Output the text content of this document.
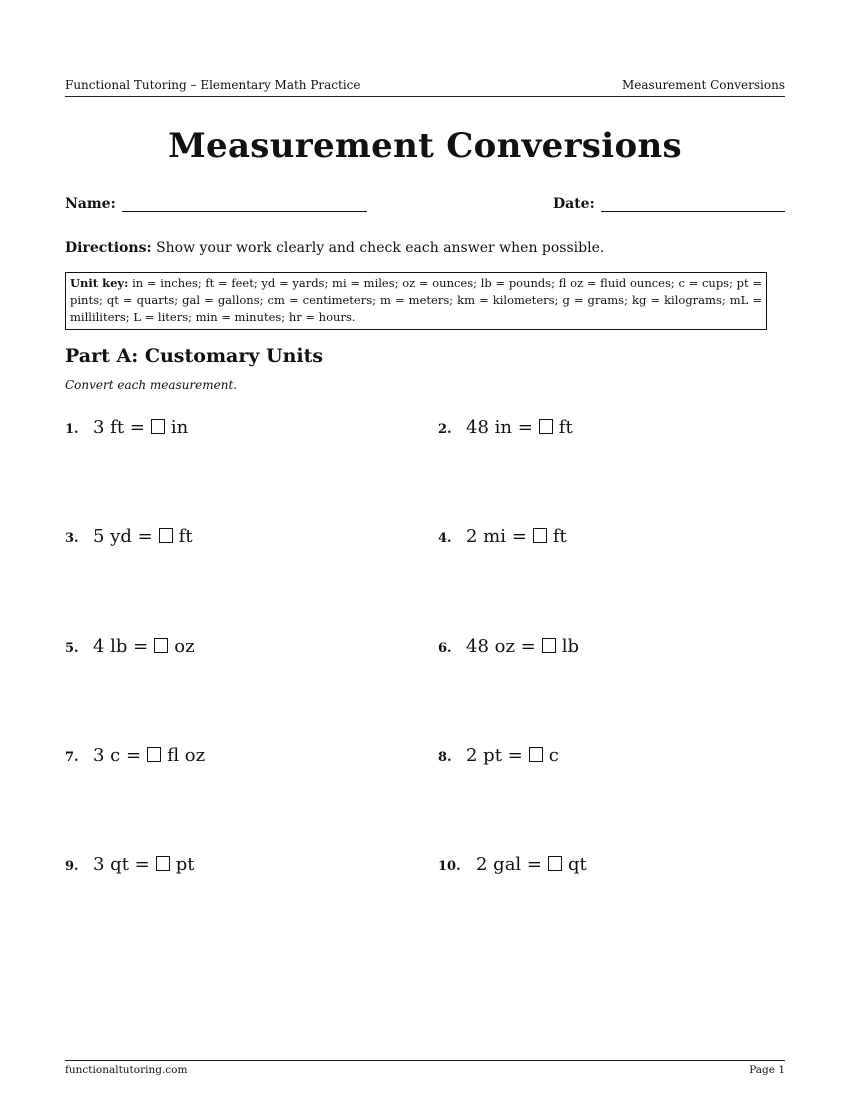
Functional Tutoring – Elementary Math Practice	Measurement Conversions
Measurement Conversions
Name:	Date:
Directions: Show your work clearly and check each answer when possible.
Unit key: in = inches; ft = feet; yd = yards; mi = miles; oz = ounces; lb = pounds; fl oz = fluid ounces; c = cups; pt = pints; qt = quarts; gal = gallons; cm = centimeters; m = meters; km = kilometers; g = grams; kg = kilograms; mL = milliliters; L = liters; min = minutes; hr = hours.
Part A: Customary Units
Convert each measurement.
1. 3 ft = in	2. 48 in = ft
3. 5 yd = ft	4. 2 mi = ft
5. 4 lb = oz	6. 48 oz = lb
7. 3 c = fl oz	8. 2 pt = c
9. 3 qt = pt	10. 2 gal = qt
functionaltutoring.com	Page 1
